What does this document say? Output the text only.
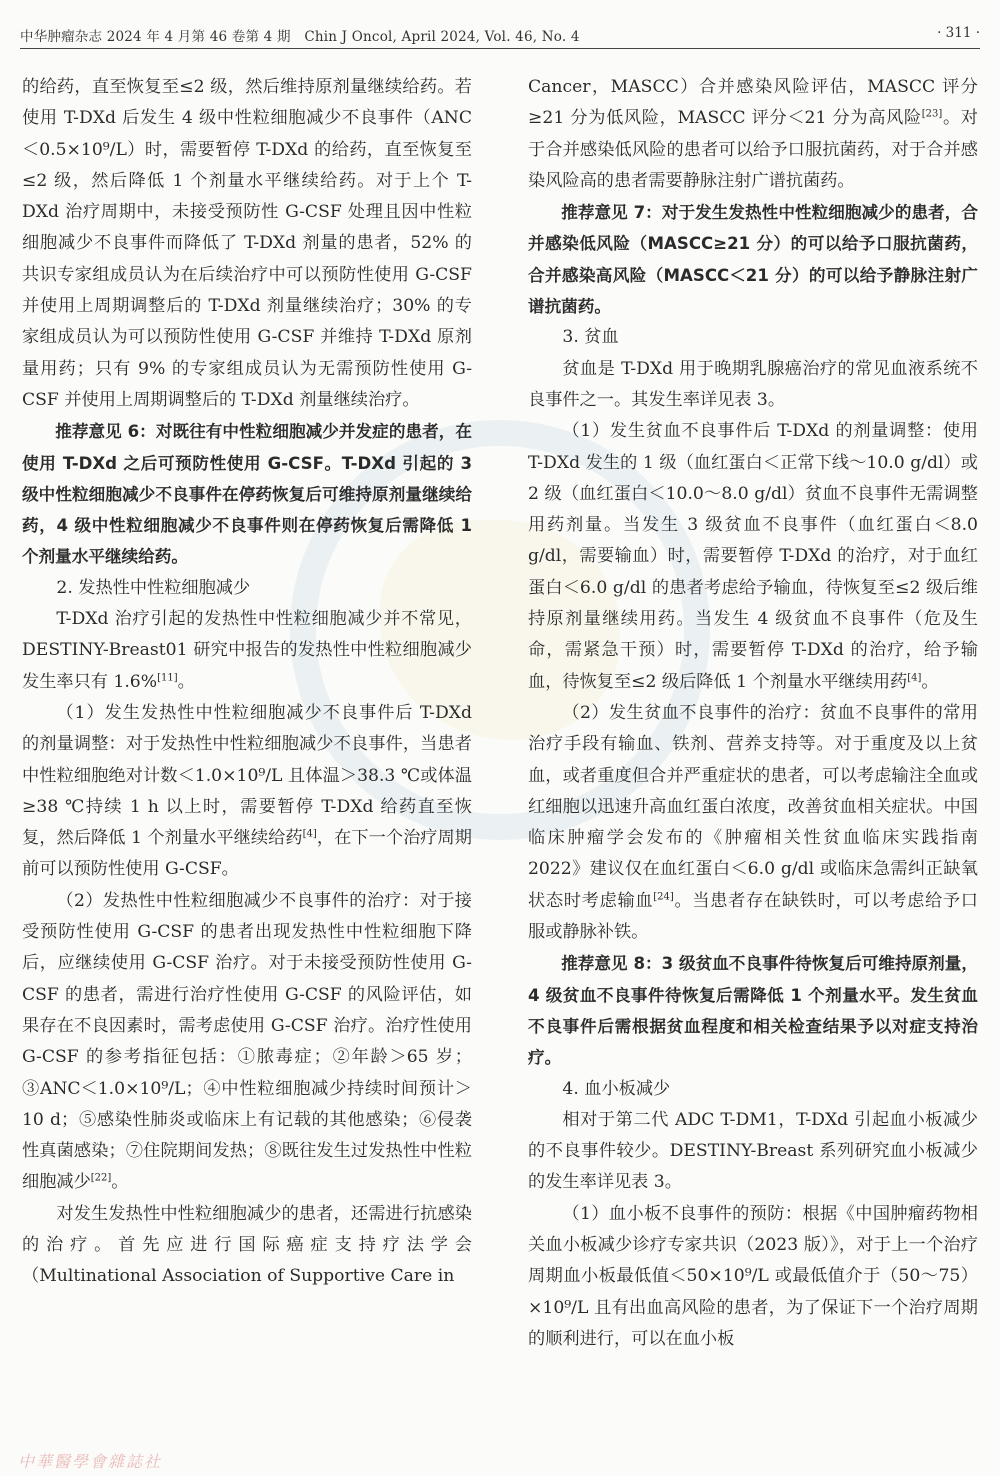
中华肿瘤杂志 2024 年 4 月第 46 卷第 4 期　Chin J Oncol, April 2024, Vol. 46, No. 4	· 311 ·

的给药，直至恢复至≤2 级，然后维持原剂量继续给药。若使用 T-DXd 后发生 4 级中性粒细胞减少不良事件（ANC＜0.5×10⁹/L）时，需要暂停 T-DXd 的给药，直至恢复至≤2 级，然后降低 1 个剂量水平继续给药。对于上个 T-DXd 治疗周期中，未接受预防性 G-CSF 处理且因中性粒细胞减少不良事件而降低了 T-DXd 剂量的患者，52% 的共识专家组成员认为在后续治疗中可以预防性使用 G-CSF 并使用上周期调整后的 T-DXd 剂量继续治疗；30% 的专家组成员认为可以预防性使用 G-CSF 并维持 T-DXd 原剂量用药；只有 9% 的专家组成员认为无需预防性使用 G-CSF 并使用上周期调整后的 T-DXd 剂量继续治疗。

推荐意见 6：对既往有中性粒细胞减少并发症的患者，在使用 T-DXd 之后可预防性使用 G-CSF。T-DXd 引起的 3 级中性粒细胞减少不良事件在停药恢复后可维持原剂量继续给药，4 级中性粒细胞减少不良事件则在停药恢复后需降低 1 个剂量水平继续给药。

2. 发热性中性粒细胞减少

T-DXd 治疗引起的发热性中性粒细胞减少并不常见，DESTINY-Breast01 研究中报告的发热性中性粒细胞减少发生率只有 1.6%[11]。

（1）发生发热性中性粒细胞减少不良事件后 T-DXd 的剂量调整：对于发热性中性粒细胞减少不良事件，当患者中性粒细胞绝对计数＜1.0×10⁹/L 且体温＞38.3 ℃或体温≥38 ℃持续 1 h 以上时，需要暂停 T-DXd 给药直至恢复，然后降低 1 个剂量水平继续给药[4]，在下一个治疗周期前可以预防性使用 G-CSF。

（2）发热性中性粒细胞减少不良事件的治疗：对于接受预防性使用 G-CSF 的患者出现发热性中性粒细胞下降后，应继续使用 G-CSF 治疗。对于未接受预防性使用 G-CSF 的患者，需进行治疗性使用 G-CSF 的风险评估，如果存在不良因素时，需考虑使用 G-CSF 治疗。治疗性使用 G-CSF 的参考指征包括：①脓毒症；②年龄＞65 岁；③ANC＜1.0×10⁹/L；④中性粒细胞减少持续时间预计＞10 d；⑤感染性肺炎或临床上有记载的其他感染；⑥侵袭性真菌感染；⑦住院期间发热；⑧既往发生过发热性中性粒细胞减少[22]。

对发生发热性中性粒细胞减少的患者，还需进行抗感染的治疗。首先应进行国际癌症支持疗法学会（Multinational Association of Supportive Care in

Cancer，MASCC）合并感染风险评估，MASCC 评分≥21 分为低风险，MASCC 评分＜21 分为高风险[23]。对于合并感染低风险的患者可以给予口服抗菌药，对于合并感染风险高的患者需要静脉注射广谱抗菌药。

推荐意见 7：对于发生发热性中性粒细胞减少的患者，合并感染低风险（MASCC≥21 分）的可以给予口服抗菌药，合并感染高风险（MASCC＜21 分）的可以给予静脉注射广谱抗菌药。

3. 贫血

贫血是 T-DXd 用于晚期乳腺癌治疗的常见血液系统不良事件之一。其发生率详见表 3。

（1）发生贫血不良事件后 T-DXd 的剂量调整：使用 T-DXd 发生的 1 级（血红蛋白＜正常下线～10.0 g/dl）或 2 级（血红蛋白＜10.0～8.0 g/dl）贫血不良事件无需调整用药剂量。当发生 3 级贫血不良事件（血红蛋白＜8.0 g/dl，需要输血）时，需要暂停 T-DXd 的治疗，对于血红蛋白＜6.0 g/dl 的患者考虑给予输血，待恢复至≤2 级后维持原剂量继续用药。当发生 4 级贫血不良事件（危及生命，需紧急干预）时，需要暂停 T-DXd 的治疗，给予输血，待恢复至≤2 级后降低 1 个剂量水平继续用药[4]。

（2）发生贫血不良事件的治疗：贫血不良事件的常用治疗手段有输血、铁剂、营养支持等。对于重度及以上贫血，或者重度但合并严重症状的患者，可以考虑输注全血或红细胞以迅速升高血红蛋白浓度，改善贫血相关症状。中国临床肿瘤学会发布的《肿瘤相关性贫血临床实践指南 2022》建议仅在血红蛋白＜6.0 g/dl 或临床急需纠正缺氧状态时考虑输血[24]。当患者存在缺铁时，可以考虑给予口服或静脉补铁。

推荐意见 8：3 级贫血不良事件待恢复后可维持原剂量，4 级贫血不良事件待恢复后需降低 1 个剂量水平。发生贫血不良事件后需根据贫血程度和相关检查结果予以对症支持治疗。

4. 血小板减少

相对于第二代 ADC T-DM1，T-DXd 引起血小板减少的不良事件较少。DESTINY-Breast 系列研究血小板减少的发生率详见表 3。

（1）血小板不良事件的预防：根据《中国肿瘤药物相关血小板减少诊疗专家共识（2023 版）》，对于上一个治疗周期血小板最低值＜50×10⁹/L 或最低值介于（50～75）×10⁹/L 且有出血高风险的患者，为了保证下一个治疗周期的顺利进行，可以在血小板

中華醫學會雜誌社
